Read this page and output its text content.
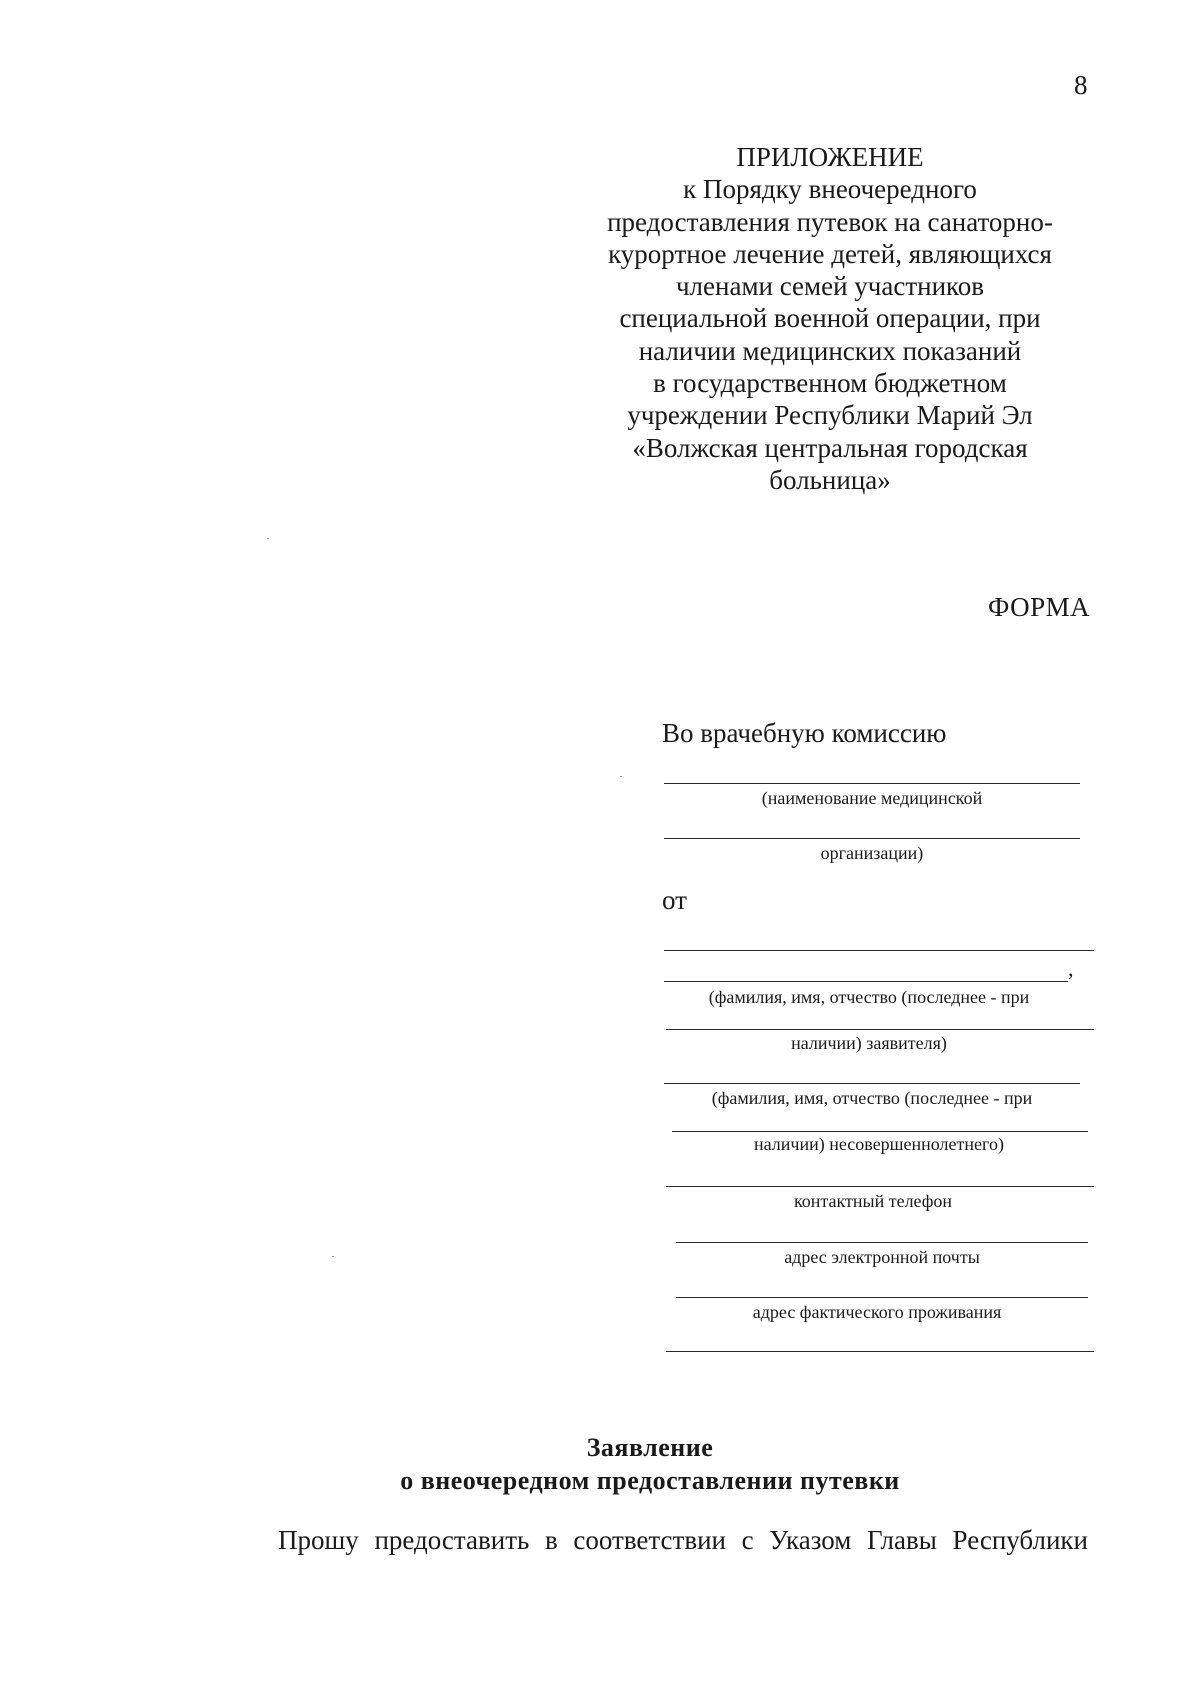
8
ПРИЛОЖЕНИЕ
к Порядку внеочередного
предоставления путевок на санаторно-
курортное лечение детей, являющихся
членами семей участников
специальной военной операции, при
наличии медицинских показаний
в государственном бюджетном
учреждении Республики Марий Эл
«Волжская центральная городская
больница»
ФОРМА
Во врачебную комиссию
(наименование медицинской
организации)
от
,
(фамилия, имя, отчество (последнее - при
наличии) заявителя)
(фамилия, имя, отчество (последнее - при
наличии) несовершеннолетнего)
контактный телефон
адрес электронной почты
адрес фактического проживания
Заявление
о внеочередном предоставлении путевки
Прошу предоставить в соответствии с Указом Главы Республики
